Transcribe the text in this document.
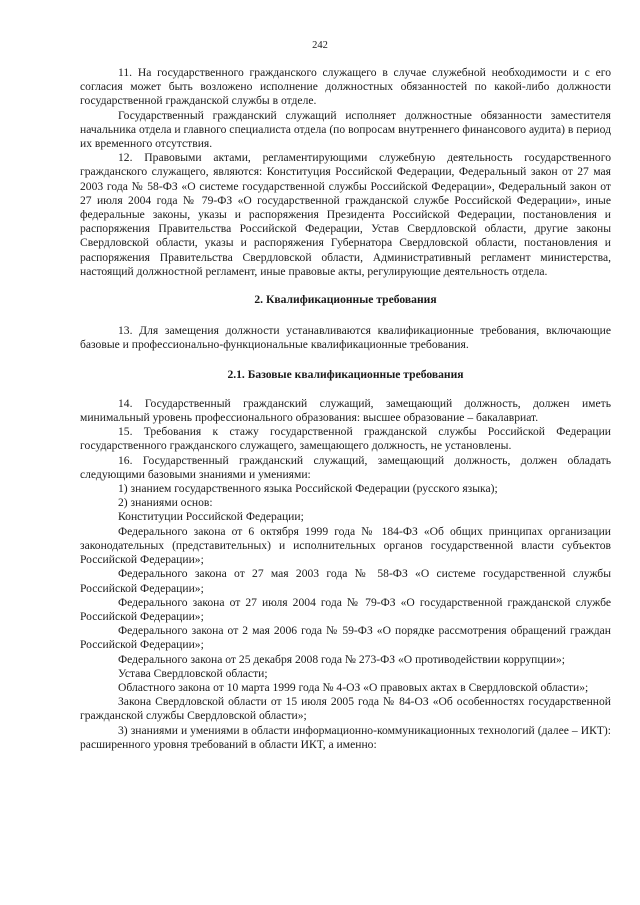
242

11. На государственного гражданского служащего в случае служебной необходимости и с его согласия может быть возложено исполнение должностных обязанностей по какой-либо должности государственной гражданской службы в отделе.

Государственный гражданский служащий исполняет должностные обязанности заместителя начальника отдела и главного специалиста отдела (по вопросам внутреннего финансового аудита) в период их временного отсутствия.

12. Правовыми актами, регламентирующими служебную деятельность государственного гражданского служащего, являются: Конституция Российской Федерации, Федеральный закон от 27 мая 2003 года № 58-ФЗ «О системе государственной службы Российской Федерации», Федеральный закон от 27 июля 2004 года № 79-ФЗ «О государственной гражданской службе Российской Федерации», иные федеральные законы, указы и распоряжения Президента Российской Федерации, постановления и распоряжения Правительства Российской Федерации, Устав Свердловской области, другие законы Свердловской области, указы и распоряжения Губернатора Свердловской области, постановления и распоряжения Правительства Свердловской области, Административный регламент министерства, настоящий должностной регламент, иные правовые акты, регулирующие деятельность отдела.

2. Квалификационные требования

13. Для замещения должности устанавливаются квалификационные требования, включающие базовые и профессионально-функциональные квалификационные требования.

2.1. Базовые квалификационные требования

14. Государственный гражданский служащий, замещающий должность, должен иметь минимальный уровень профессионального образования: высшее образование – бакалавриат.

15. Требования к стажу государственной гражданской службы Российской Федерации государственного гражданского служащего, замещающего должность, не установлены.

16. Государственный гражданский служащий, замещающий должность, должен обладать следующими базовыми знаниями и умениями:

1) знанием государственного языка Российской Федерации (русского языка);

2) знаниями основ:

Конституции Российской Федерации;

Федерального закона от 6 октября 1999 года № 184-ФЗ «Об общих принципах организации законодательных (представительных) и исполнительных органов государственной власти субъектов Российской Федерации»;

Федерального закона от 27 мая 2003 года № 58-ФЗ «О системе государственной службы Российской Федерации»;

Федерального закона от 27 июля 2004 года № 79-ФЗ «О государственной гражданской службе Российской Федерации»;

Федерального закона от 2 мая 2006 года № 59-ФЗ «О порядке рассмотрения обращений граждан Российской Федерации»;

Федерального закона от 25 декабря 2008 года № 273-ФЗ «О противодействии коррупции»;

Устава Свердловской области;

Областного закона от 10 марта 1999 года № 4-ОЗ «О правовых актах в Свердловской области»;

Закона Свердловской области от 15 июля 2005 года № 84-ОЗ «Об особенностях государственной гражданской службы Свердловской области»;

3) знаниями и умениями в области информационно-коммуникационных технологий (далее – ИКТ): расширенного уровня требований в области ИКТ, а именно:
